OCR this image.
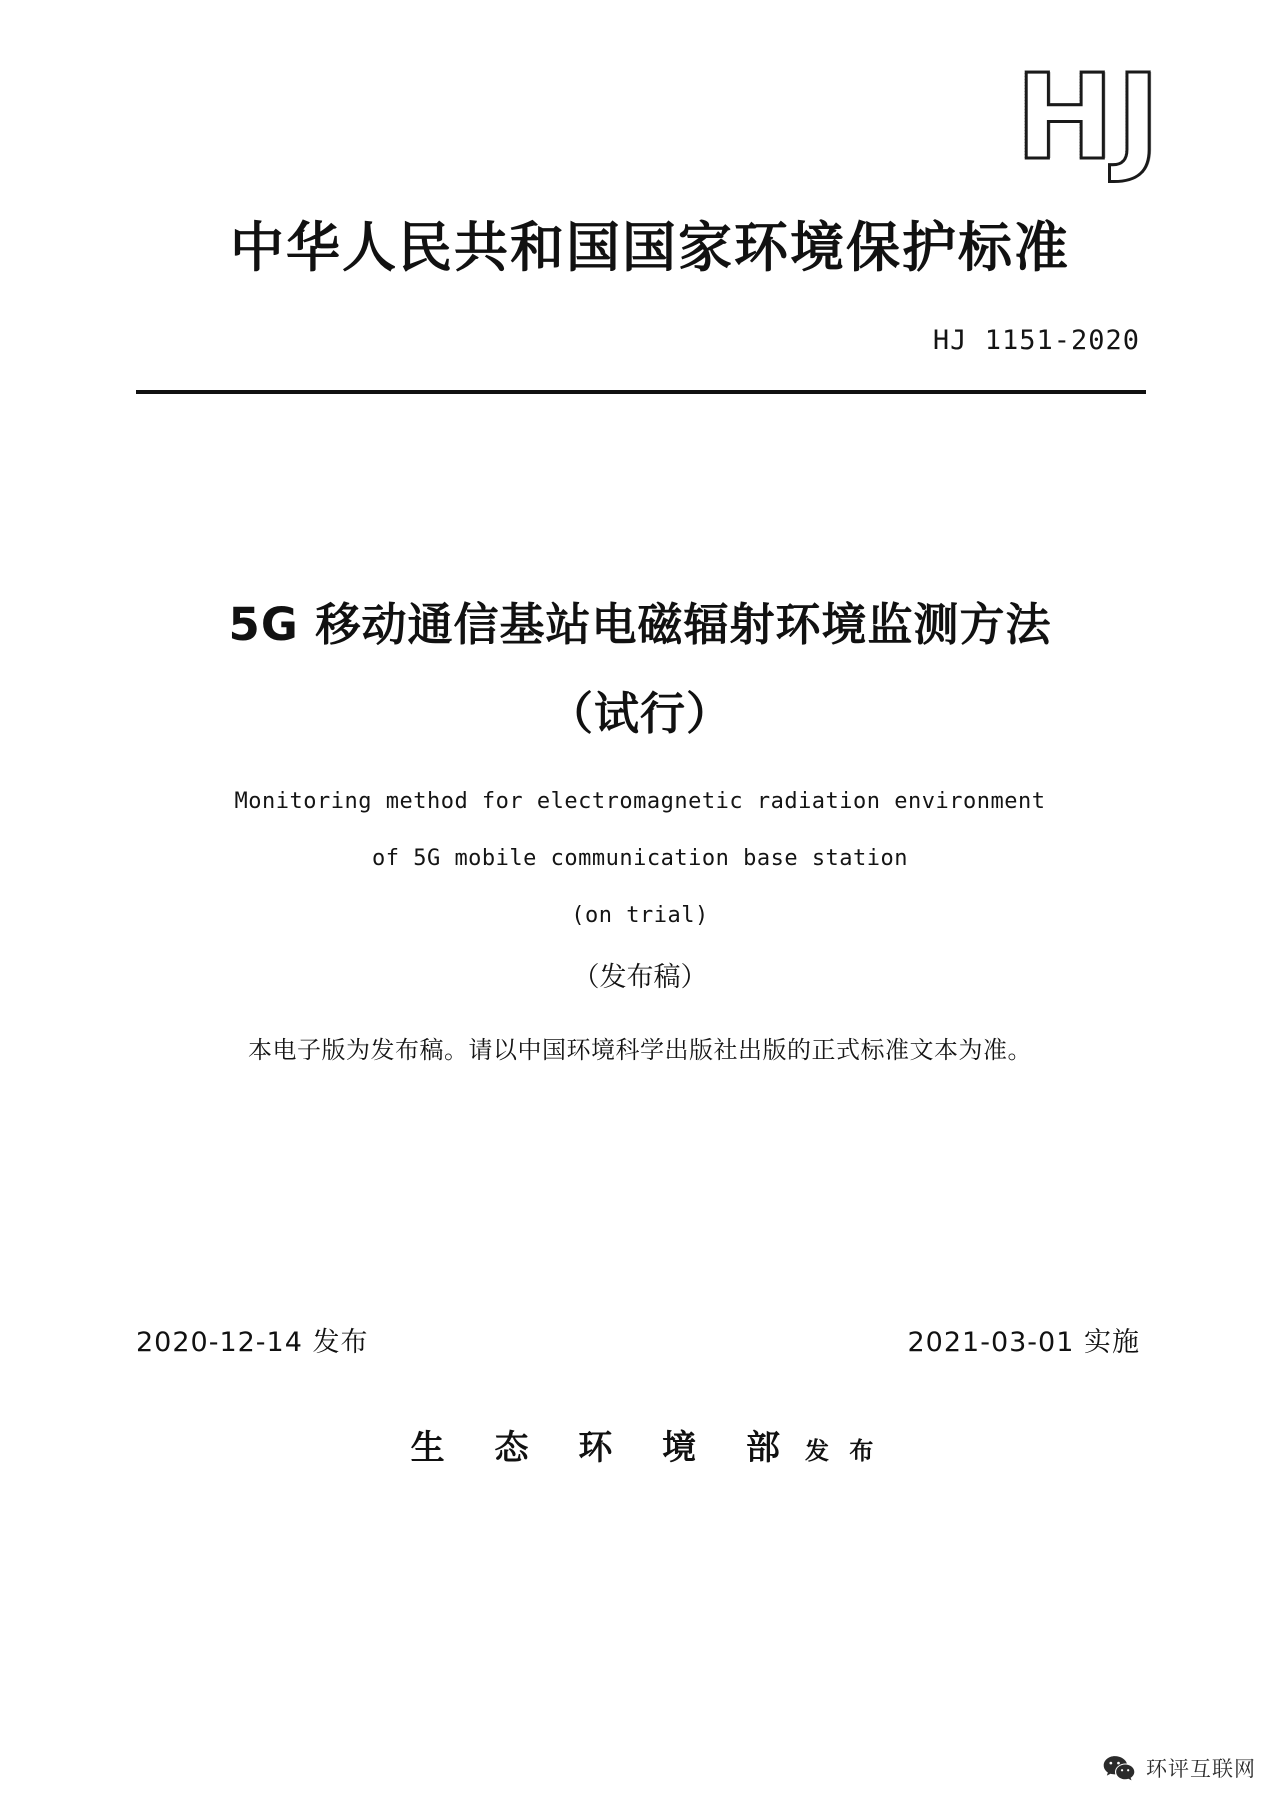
HJ
中华人民共和国国家环境保护标准
HJ 1151-2020
5G 移动通信基站电磁辐射环境监测方法
（试行）
Monitoring method for electromagnetic radiation environment
of 5G mobile communication base station
(on trial)
（发布稿）
本电子版为发布稿。请以中国环境科学出版社出版的正式标准文本为准。
2020-12-14 发布	2021-03-01 实施
生 态 环 境 部 发 布
环评互联网
